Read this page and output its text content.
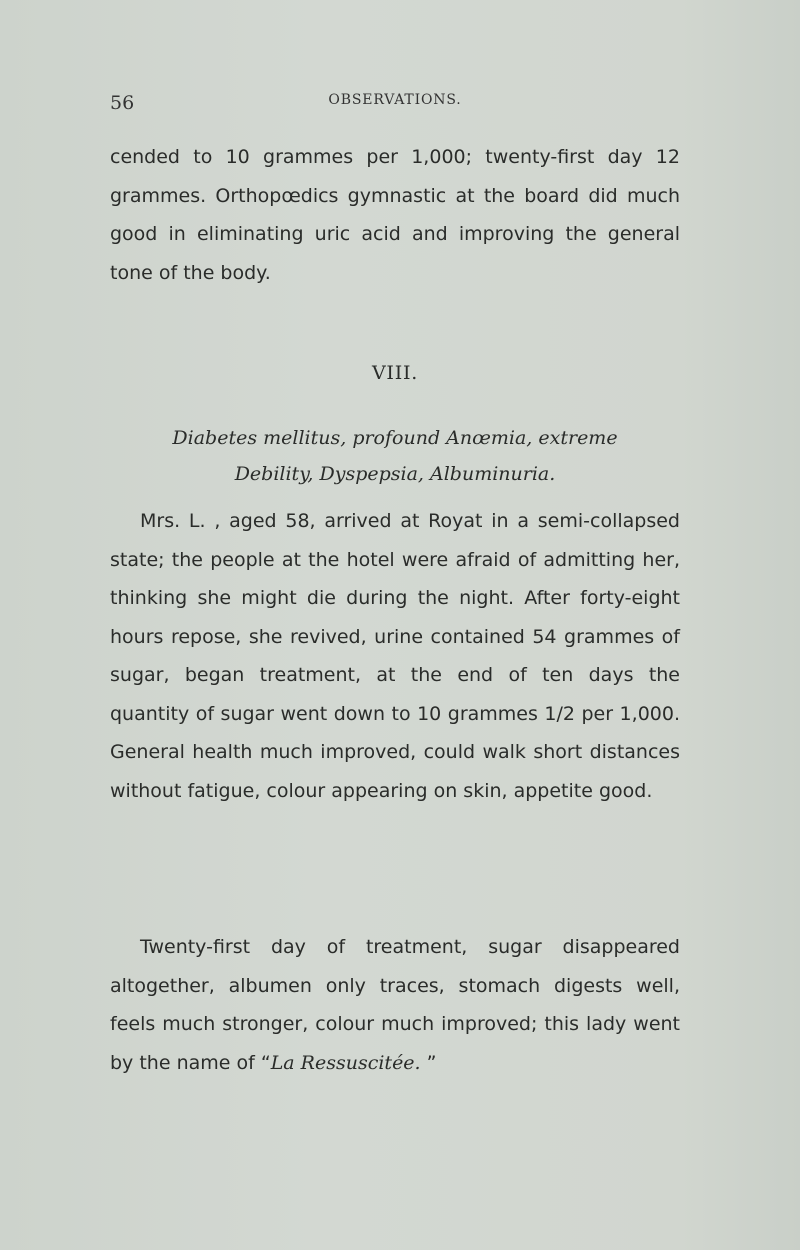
56	OBSERVATIONS.

cended to 10 grammes per 1,000; twenty-first day 12 grammes. Orthopœdics gymnastic at the board did much good in eliminating uric acid and improving the general tone of the body.

VIII.

Diabetes mellitus, profound Anœmia, extreme
Debility, Dyspepsia, Albuminuria.

Mrs. L. , aged 58, arrived at Royat in a semi-collapsed state; the people at the hotel were afraid of admitting her, thinking she might die during the night. After forty-eight hours repose, she revived, urine contained 54 grammes of sugar, began treatment, at the end of ten days the quantity of sugar went down to 10 grammes 1/2 per 1,000. General health much improved, could walk short distances without fatigue, colour appearing on skin, appetite good.

Twenty-first day of treatment, sugar disappeared altogether, albumen only traces, stomach digests well, feels much stronger, colour much improved; this lady went by the name of “La Ressuscitée. ”
